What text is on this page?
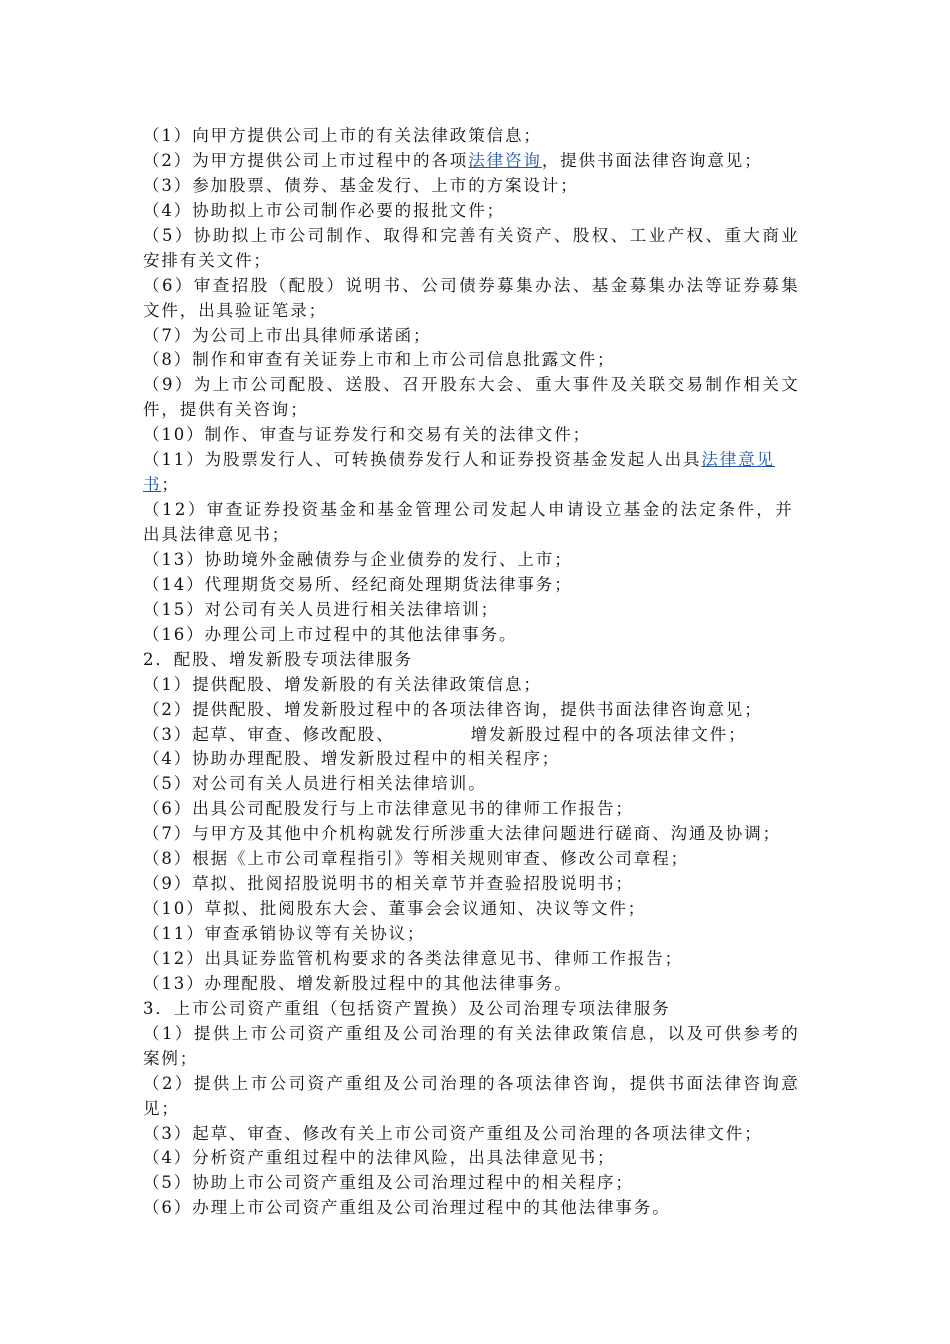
（1）向甲方提供公司上市的有关法律政策信息；
（2）为甲方提供公司上市过程中的各项法律咨询，提供书面法律咨询意见；
（3）参加股票、债券、基金发行、上市的方案设计；
（4）协助拟上市公司制作必要的报批文件；
（5）协助拟上市公司制作、取得和完善有关资产、股权、工业产权、重大商业
安排有关文件；
（6）审查招股（配股）说明书、公司债券募集办法、基金募集办法等证券募集
文件，出具验证笔录；
（7）为公司上市出具律师承诺函；
（8）制作和审查有关证券上市和上市公司信息批露文件；
（9）为上市公司配股、送股、召开股东大会、重大事件及关联交易制作相关文
件，提供有关咨询；
（10）制作、审查与证券发行和交易有关的法律文件；
（11）为股票发行人、可转换债券发行人和证券投资基金发起人出具法律意见
书；
（12）审查证券投资基金和基金管理公司发起人申请设立基金的法定条件，并
出具法律意见书；
（13）协助境外金融债券与企业债券的发行、上市；
（14）代理期货交易所、经纪商处理期货法律事务；
（15）对公司有关人员进行相关法律培训；
（16）办理公司上市过程中的其他法律事务。
2．配股、增发新股专项法律服务
（1）提供配股、增发新股的有关法律政策信息；
（2）提供配股、增发新股过程中的各项法律咨询，提供书面法律咨询意见；
（3）起草、审查、修改配股、	增发新股过程中的各项法律文件；
（4）协助办理配股、增发新股过程中的相关程序；
（5）对公司有关人员进行相关法律培训。
（6）出具公司配股发行与上市法律意见书的律师工作报告；
（7）与甲方及其他中介机构就发行所涉重大法律问题进行磋商、沟通及协调；
（8）根据《上市公司章程指引》等相关规则审查、修改公司章程；
（9）草拟、批阅招股说明书的相关章节并查验招股说明书；
（10）草拟、批阅股东大会、董事会会议通知、决议等文件；
（11）审查承销协议等有关协议；
（12）出具证券监管机构要求的各类法律意见书、律师工作报告；
（13）办理配股、增发新股过程中的其他法律事务。
3．上市公司资产重组（包括资产置换）及公司治理专项法律服务
（1）提供上市公司资产重组及公司治理的有关法律政策信息，以及可供参考的
案例；
（2）提供上市公司资产重组及公司治理的各项法律咨询，提供书面法律咨询意
见；
（3）起草、审查、修改有关上市公司资产重组及公司治理的各项法律文件；
（4）分析资产重组过程中的法律风险，出具法律意见书；
（5）协助上市公司资产重组及公司治理过程中的相关程序；
（6）办理上市公司资产重组及公司治理过程中的其他法律事务。
